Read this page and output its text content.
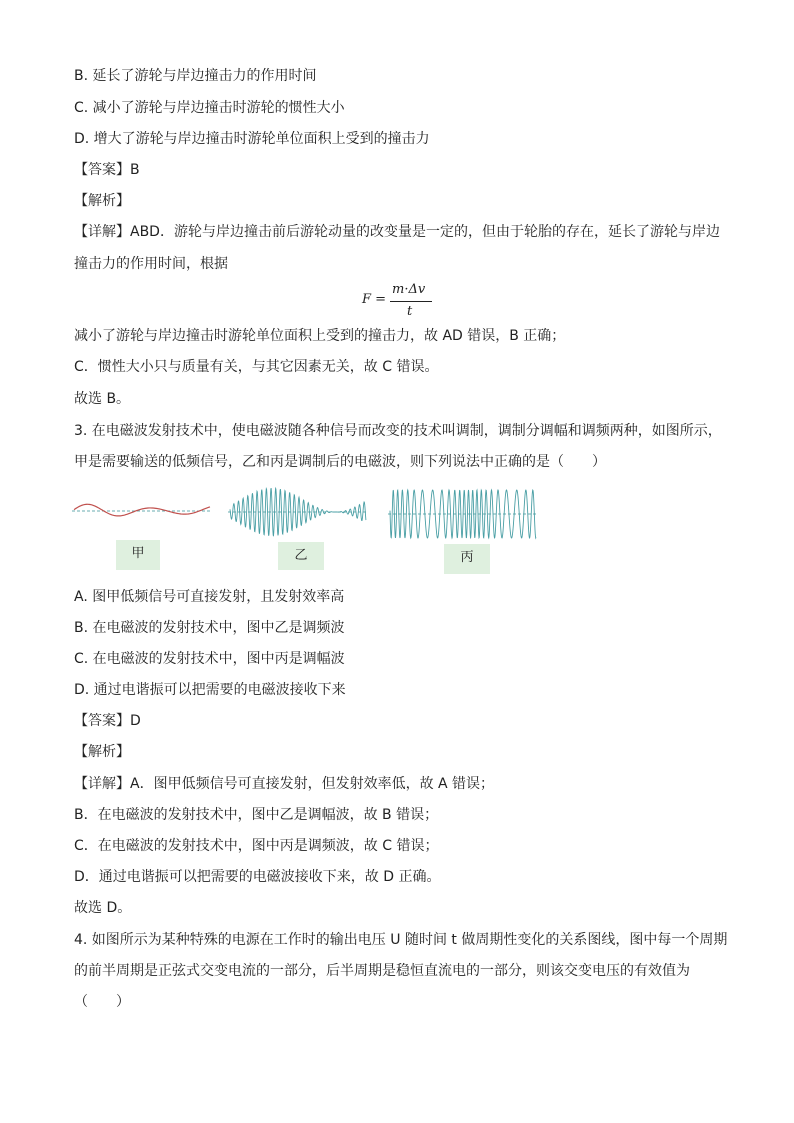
B. 延长了游轮与岸边撞击力的作用时间
C. 减小了游轮与岸边撞击时游轮的惯性大小
D. 增大了游轮与岸边撞击时游轮单位面积上受到的撞击力
【答案】B
【解析】
【详解】ABD．游轮与岸边撞击前后游轮动量的改变量是一定的，但由于轮胎的存在，延长了游轮与岸边
撞击力的作用时间，根据
F =
m·Δv
t
减小了游轮与岸边撞击时游轮单位面积上受到的撞击力，故 AD 错误，B 正确；
C．惯性大小只与质量有关，与其它因素无关，故 C 错误。
故选 B。
3. 在电磁波发射技术中，使电磁波随各种信号而改变的技术叫调制，调制分调幅和调频两种，如图所示，
甲是需要输送的低频信号，乙和丙是调制后的电磁波，则下列说法中正确的是（　　）
甲	乙	丙
A. 图甲低频信号可直接发射，且发射效率高
B. 在电磁波的发射技术中，图中乙是调频波
C. 在电磁波的发射技术中，图中丙是调幅波
D. 通过电谐振可以把需要的电磁波接收下来
【答案】D
【解析】
【详解】A．图甲低频信号可直接发射，但发射效率低，故 A 错误；
B．在电磁波的发射技术中，图中乙是调幅波，故 B 错误；
C．在电磁波的发射技术中，图中丙是调频波，故 C 错误；
D．通过电谐振可以把需要的电磁波接收下来，故 D 正确。
故选 D。
4. 如图所示为某种特殊的电源在工作时的输出电压 U 随时间 t 做周期性变化的关系图线，图中每一个周期
的前半周期是正弦式交变电流的一部分，后半周期是稳恒直流电的一部分，则该交变电压的有效值为
（　　）
